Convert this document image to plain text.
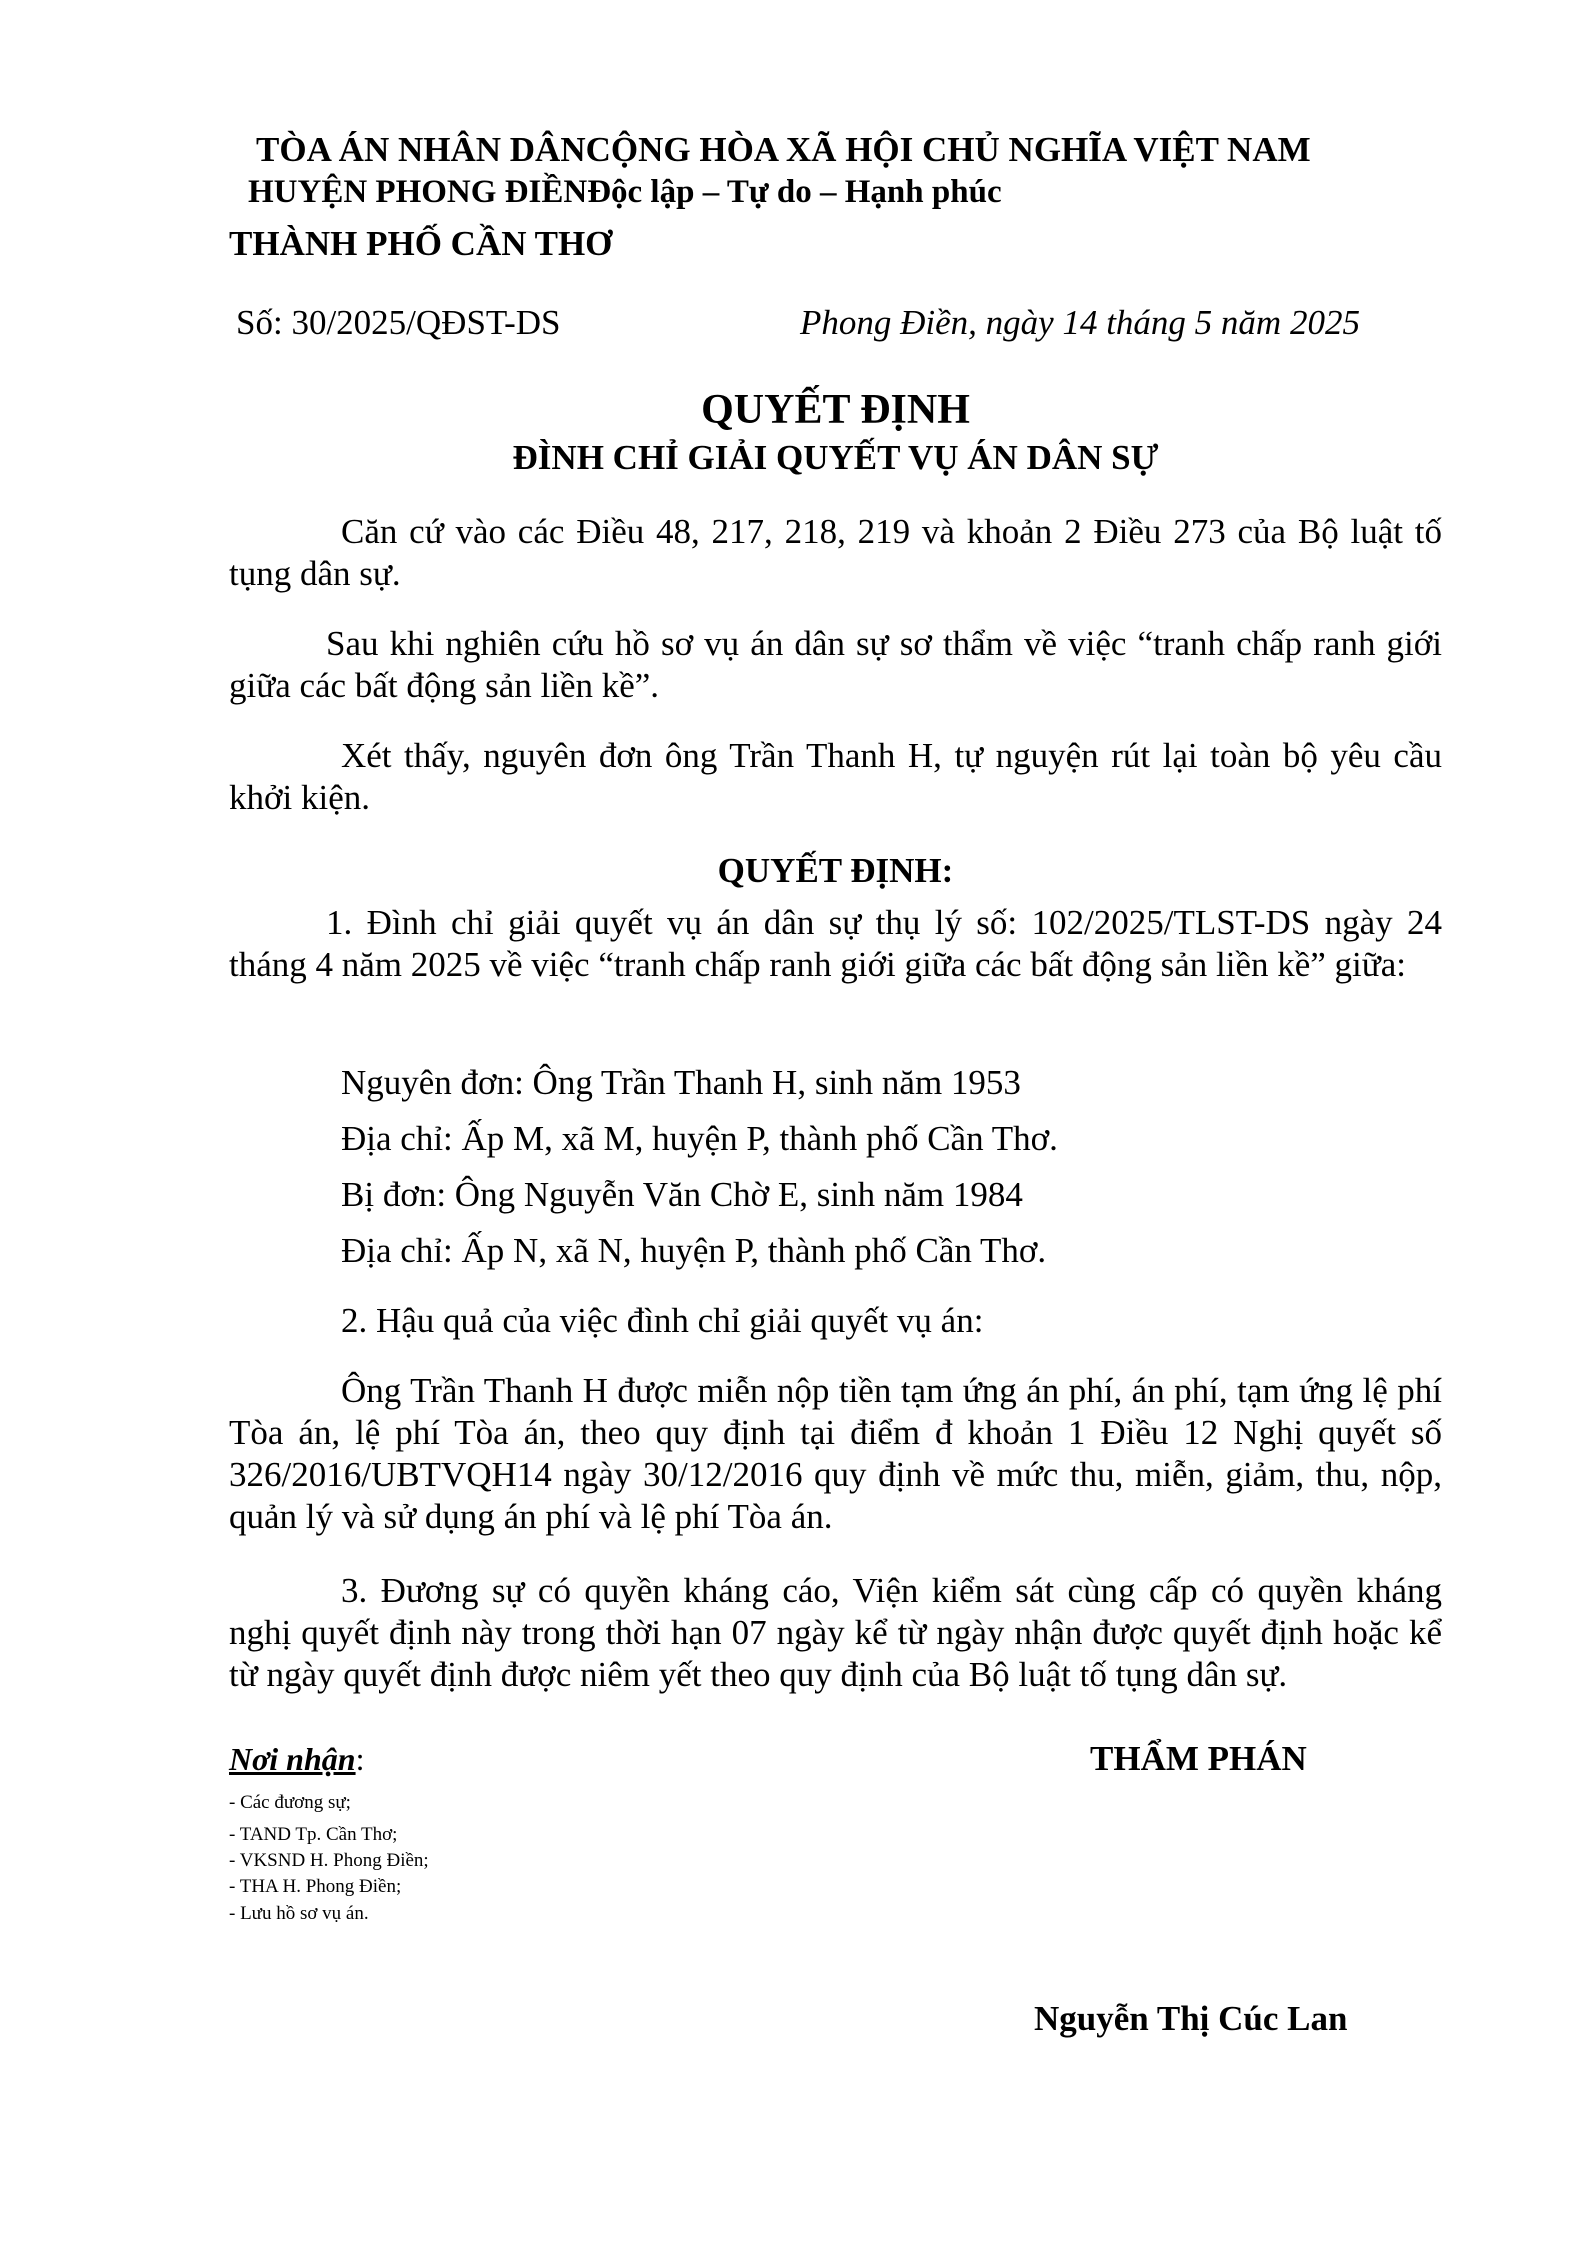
TÒA ÁN NHÂN DÂNCỘNG HÒA XÃ HỘI CHỦ NGHĨA VIỆT NAM
HUYỆN PHONG ĐIỀNĐộc lập – Tự do – Hạnh phúc
THÀNH PHỐ CẦN THƠ
Số: 30/2025/QĐST-DS	Phong Điền, ngày 14 tháng 5 năm 2025
QUYẾT ĐỊNH
ĐÌNH CHỈ GIẢI QUYẾT VỤ ÁN DÂN SỰ
Căn cứ vào các Điều 48, 217, 218, 219 và khoản 2 Điều 273 của Bộ luật tố tụng dân sự.
Sau khi nghiên cứu hồ sơ vụ án dân sự sơ thẩm về việc “tranh chấp ranh giới giữa các bất động sản liền kề”.
Xét thấy, nguyên đơn ông Trần Thanh H, tự nguyện rút lại toàn bộ yêu cầu khởi kiện.
QUYẾT ĐỊNH:
1. Đình chỉ giải quyết vụ án dân sự thụ lý số: 102/2025/TLST-DS ngày 24 tháng 4 năm 2025 về việc “tranh chấp ranh giới giữa các bất động sản liền kề” giữa:
Nguyên đơn: Ông Trần Thanh H, sinh năm 1953
Địa chỉ: Ấp M, xã M, huyện P, thành phố Cần Thơ.
Bị đơn: Ông Nguyễn Văn Chờ E, sinh năm 1984
Địa chỉ: Ấp N, xã N, huyện P, thành phố Cần Thơ.
2. Hậu quả của việc đình chỉ giải quyết vụ án:
Ông Trần Thanh H được miễn nộp tiền tạm ứng án phí, án phí, tạm ứng lệ phí Tòa án, lệ phí Tòa án, theo quy định tại điểm đ khoản 1 Điều 12 Nghị quyết số 326/2016/UBTVQH14 ngày 30/12/2016 quy định về mức thu, miễn, giảm, thu, nộp, quản lý và sử dụng án phí và lệ phí Tòa án.
3. Đương sự có quyền kháng cáo, Viện kiểm sát cùng cấp có quyền kháng nghị quyết định này trong thời hạn 07 ngày kể từ ngày nhận được quyết định hoặc kể từ ngày quyết định được niêm yết theo quy định của Bộ luật tố tụng dân sự.
Nơi nhận:
- Các đương sự;
- TAND Tp. Cần Thơ;
- VKSND H. Phong Điền;
- THA H. Phong Điền;
- Lưu hồ sơ vụ án.
THẨM PHÁN
Nguyễn Thị Cúc Lan
